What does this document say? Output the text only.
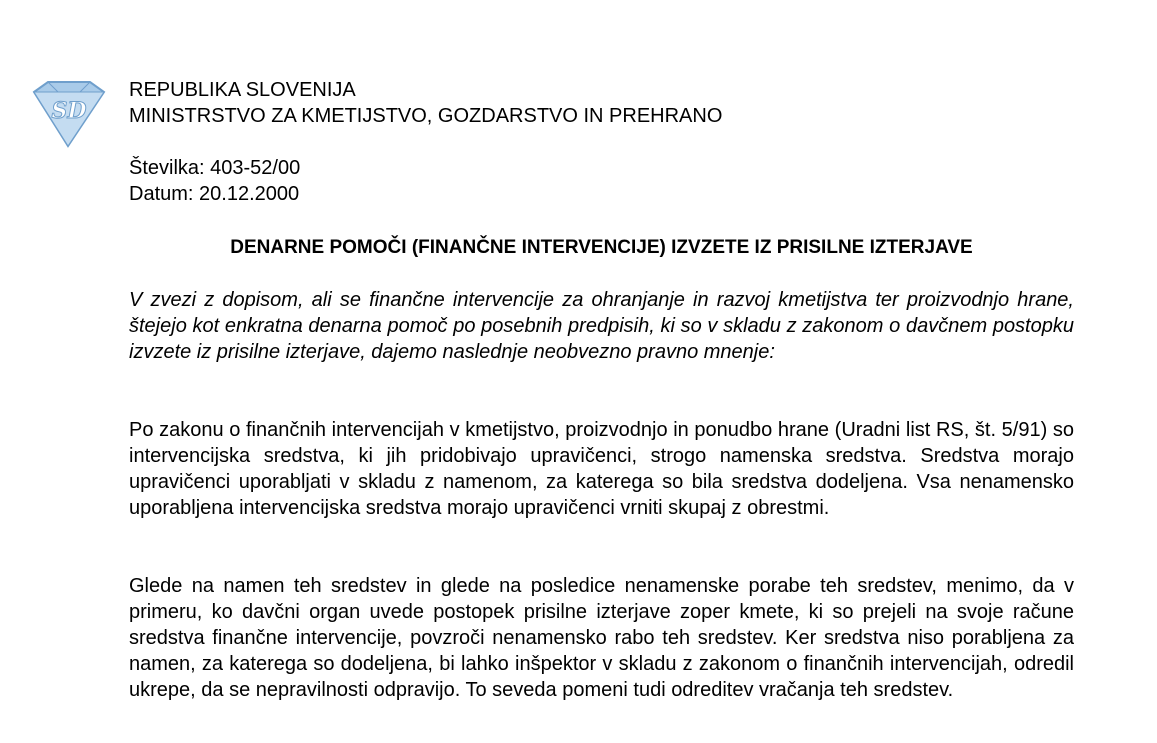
SD
REPUBLIKA SLOVENIJA
MINISTRSTVO ZA KMETIJSTVO, GOZDARSTVO IN PREHRANO
Številka: 403-52/00
Datum: 20.12.2000
DENARNE POMOČI (FINANČNE INTERVENCIJE) IZVZETE IZ PRISILNE IZTERJAVE

V zvezi z dopisom, ali se finančne intervencije za ohranjanje in razvoj kmetijstva ter proizvodnjo hrane, štejejo kot enkratna denarna pomoč po posebnih predpisih, ki so v skladu z zakonom o davčnem postopku izvzete iz prisilne izterjave, dajemo naslednje neobvezno pravno mnenje:

Po zakonu o finančnih intervencijah v kmetijstvo, proizvodnjo in ponudbo hrane (Uradni list RS, št. 5/91) so intervencijska sredstva, ki jih pridobivajo upravičenci, strogo namenska sredstva. Sredstva morajo upravičenci uporabljati v skladu z namenom, za katerega so bila sredstva dodeljena. Vsa nenamensko uporabljena intervencijska sredstva morajo upravičenci vrniti skupaj z obrestmi.

Glede na namen teh sredstev in glede na posledice nenamenske porabe teh sredstev, menimo, da v primeru, ko davčni organ uvede postopek prisilne izterjave zoper kmete, ki so prejeli na svoje račune sredstva finančne intervencije, povzroči nenamensko rabo teh sredstev. Ker sredstva niso porabljena za namen, za katerega so dodeljena, bi lahko inšpektor v skladu z zakonom o finančnih intervencijah, odredil ukrepe, da se nepravilnosti odpravijo. To seveda pomeni tudi odreditev vračanja teh sredstev.
